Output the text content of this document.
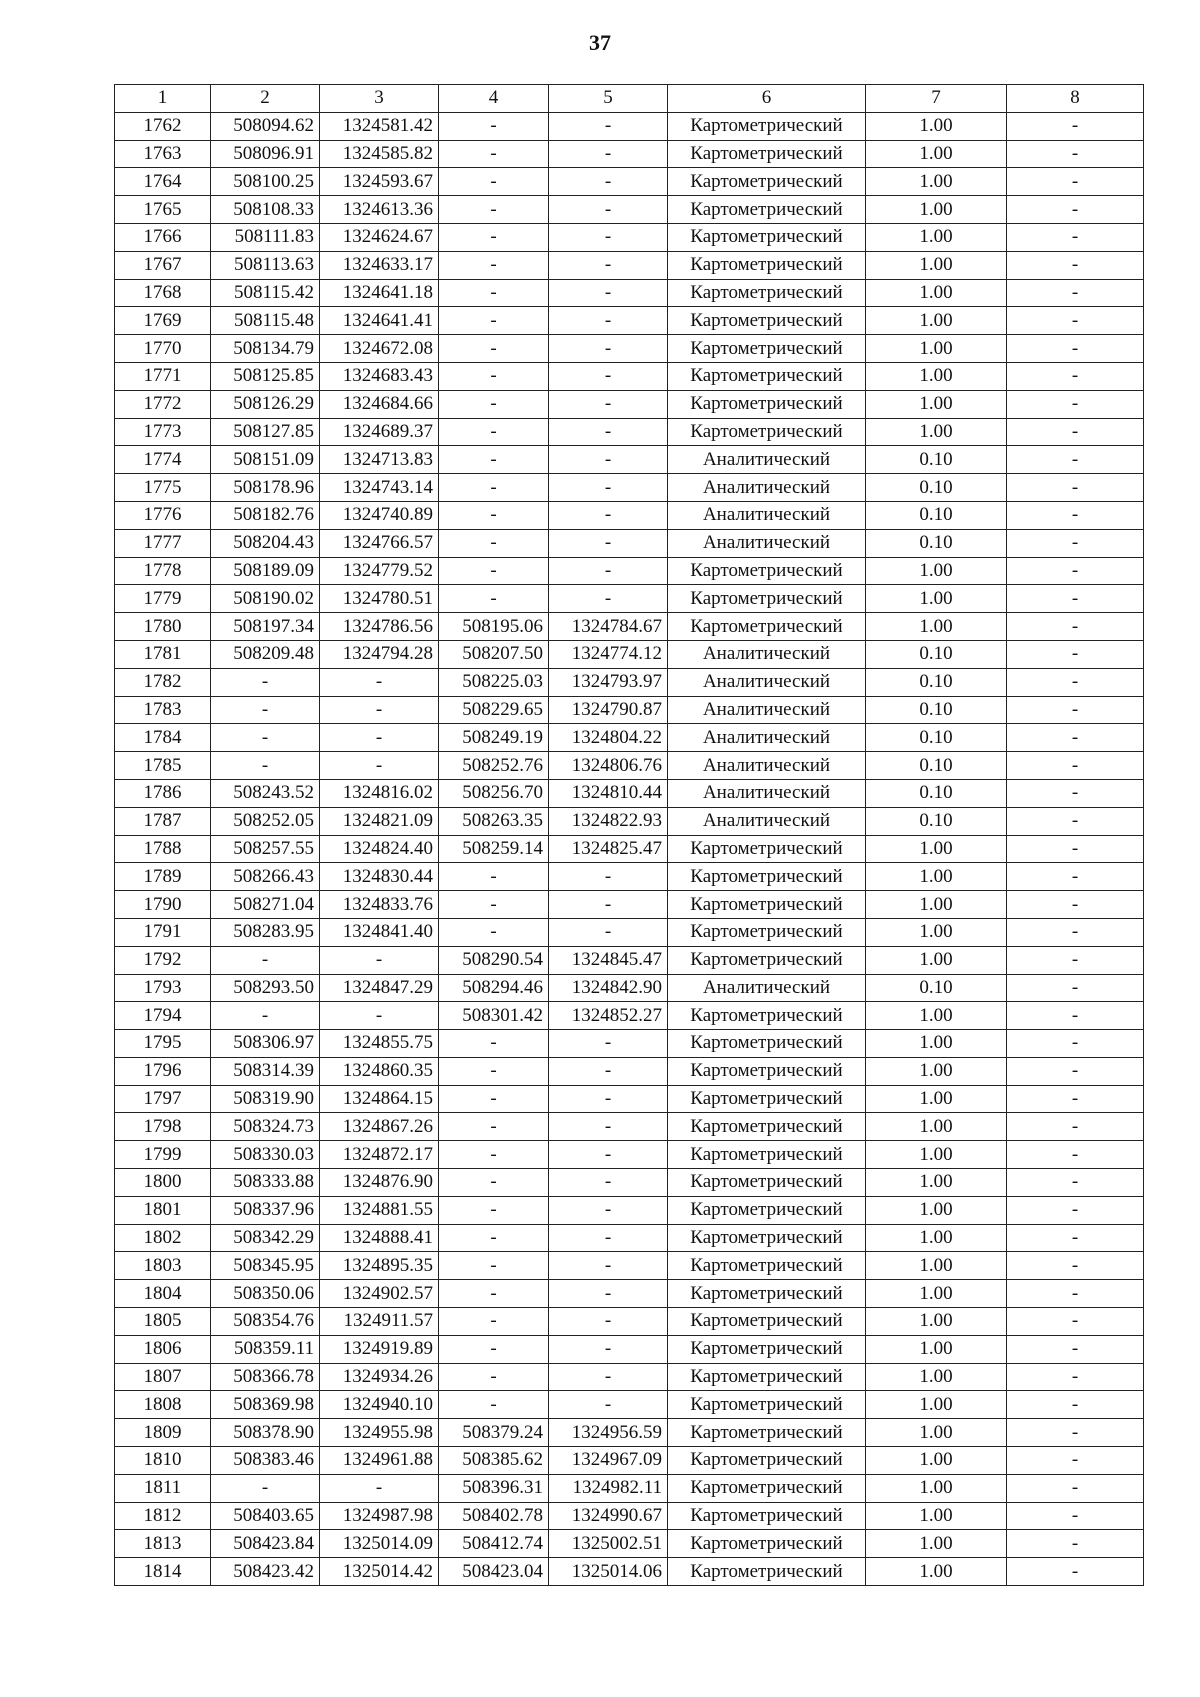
37
1	2	3	4	5	6	7	8
1762	508094.62	1324581.42	-	-	Картометрический	1.00	-
1763	508096.91	1324585.82	-	-	Картометрический	1.00	-
1764	508100.25	1324593.67	-	-	Картометрический	1.00	-
1765	508108.33	1324613.36	-	-	Картометрический	1.00	-
1766	508111.83	1324624.67	-	-	Картометрический	1.00	-
1767	508113.63	1324633.17	-	-	Картометрический	1.00	-
1768	508115.42	1324641.18	-	-	Картометрический	1.00	-
1769	508115.48	1324641.41	-	-	Картометрический	1.00	-
1770	508134.79	1324672.08	-	-	Картометрический	1.00	-
1771	508125.85	1324683.43	-	-	Картометрический	1.00	-
1772	508126.29	1324684.66	-	-	Картометрический	1.00	-
1773	508127.85	1324689.37	-	-	Картометрический	1.00	-
1774	508151.09	1324713.83	-	-	Аналитический	0.10	-
1775	508178.96	1324743.14	-	-	Аналитический	0.10	-
1776	508182.76	1324740.89	-	-	Аналитический	0.10	-
1777	508204.43	1324766.57	-	-	Аналитический	0.10	-
1778	508189.09	1324779.52	-	-	Картометрический	1.00	-
1779	508190.02	1324780.51	-	-	Картометрический	1.00	-
1780	508197.34	1324786.56	508195.06	1324784.67	Картометрический	1.00	-
1781	508209.48	1324794.28	508207.50	1324774.12	Аналитический	0.10	-
1782	-	-	508225.03	1324793.97	Аналитический	0.10	-
1783	-	-	508229.65	1324790.87	Аналитический	0.10	-
1784	-	-	508249.19	1324804.22	Аналитический	0.10	-
1785	-	-	508252.76	1324806.76	Аналитический	0.10	-
1786	508243.52	1324816.02	508256.70	1324810.44	Аналитический	0.10	-
1787	508252.05	1324821.09	508263.35	1324822.93	Аналитический	0.10	-
1788	508257.55	1324824.40	508259.14	1324825.47	Картометрический	1.00	-
1789	508266.43	1324830.44	-	-	Картометрический	1.00	-
1790	508271.04	1324833.76	-	-	Картометрический	1.00	-
1791	508283.95	1324841.40	-	-	Картометрический	1.00	-
1792	-	-	508290.54	1324845.47	Картометрический	1.00	-
1793	508293.50	1324847.29	508294.46	1324842.90	Аналитический	0.10	-
1794	-	-	508301.42	1324852.27	Картометрический	1.00	-
1795	508306.97	1324855.75	-	-	Картометрический	1.00	-
1796	508314.39	1324860.35	-	-	Картометрический	1.00	-
1797	508319.90	1324864.15	-	-	Картометрический	1.00	-
1798	508324.73	1324867.26	-	-	Картометрический	1.00	-
1799	508330.03	1324872.17	-	-	Картометрический	1.00	-
1800	508333.88	1324876.90	-	-	Картометрический	1.00	-
1801	508337.96	1324881.55	-	-	Картометрический	1.00	-
1802	508342.29	1324888.41	-	-	Картометрический	1.00	-
1803	508345.95	1324895.35	-	-	Картометрический	1.00	-
1804	508350.06	1324902.57	-	-	Картометрический	1.00	-
1805	508354.76	1324911.57	-	-	Картометрический	1.00	-
1806	508359.11	1324919.89	-	-	Картометрический	1.00	-
1807	508366.78	1324934.26	-	-	Картометрический	1.00	-
1808	508369.98	1324940.10	-	-	Картометрический	1.00	-
1809	508378.90	1324955.98	508379.24	1324956.59	Картометрический	1.00	-
1810	508383.46	1324961.88	508385.62	1324967.09	Картометрический	1.00	-
1811	-	-	508396.31	1324982.11	Картометрический	1.00	-
1812	508403.65	1324987.98	508402.78	1324990.67	Картометрический	1.00	-
1813	508423.84	1325014.09	508412.74	1325002.51	Картометрический	1.00	-
1814	508423.42	1325014.42	508423.04	1325014.06	Картометрический	1.00	-
